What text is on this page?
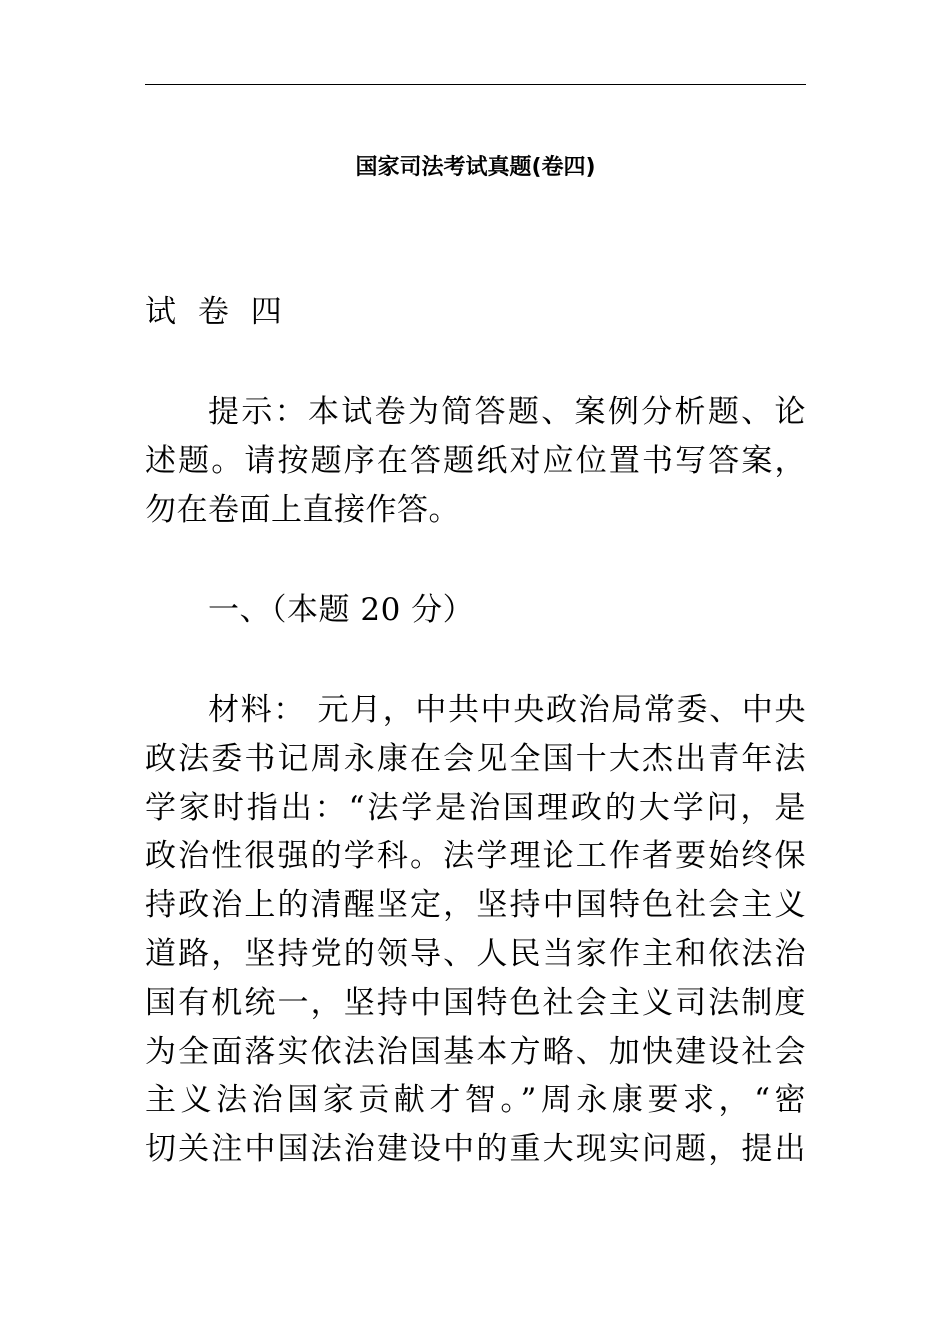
国家司法考试真题(卷四)
试 卷 四
提示：本试卷为简答题、案例分析题、论
述题。请按题序在答题纸对应位置书写答案，
勿在卷面上直接作答。
一、（本题 20 分）
材料： 元月，中共中央政治局常委、中央
政法委书记周永康在会见全国十大杰出青年法
学家时指出：“法学是治国理政的大学问，是
政治性很强的学科。法学理论工作者要始终保
持政治上的清醒坚定，坚持中国特色社会主义
道路，坚持党的领导、人民当家作主和依法治
国有机统一，坚持中国特色社会主义司法制度
为全面落实依法治国基本方略、加快建设社会
主义法治国家贡献才智。”周永康要求，“密
切关注中国法治建设中的重大现实问题，提出
